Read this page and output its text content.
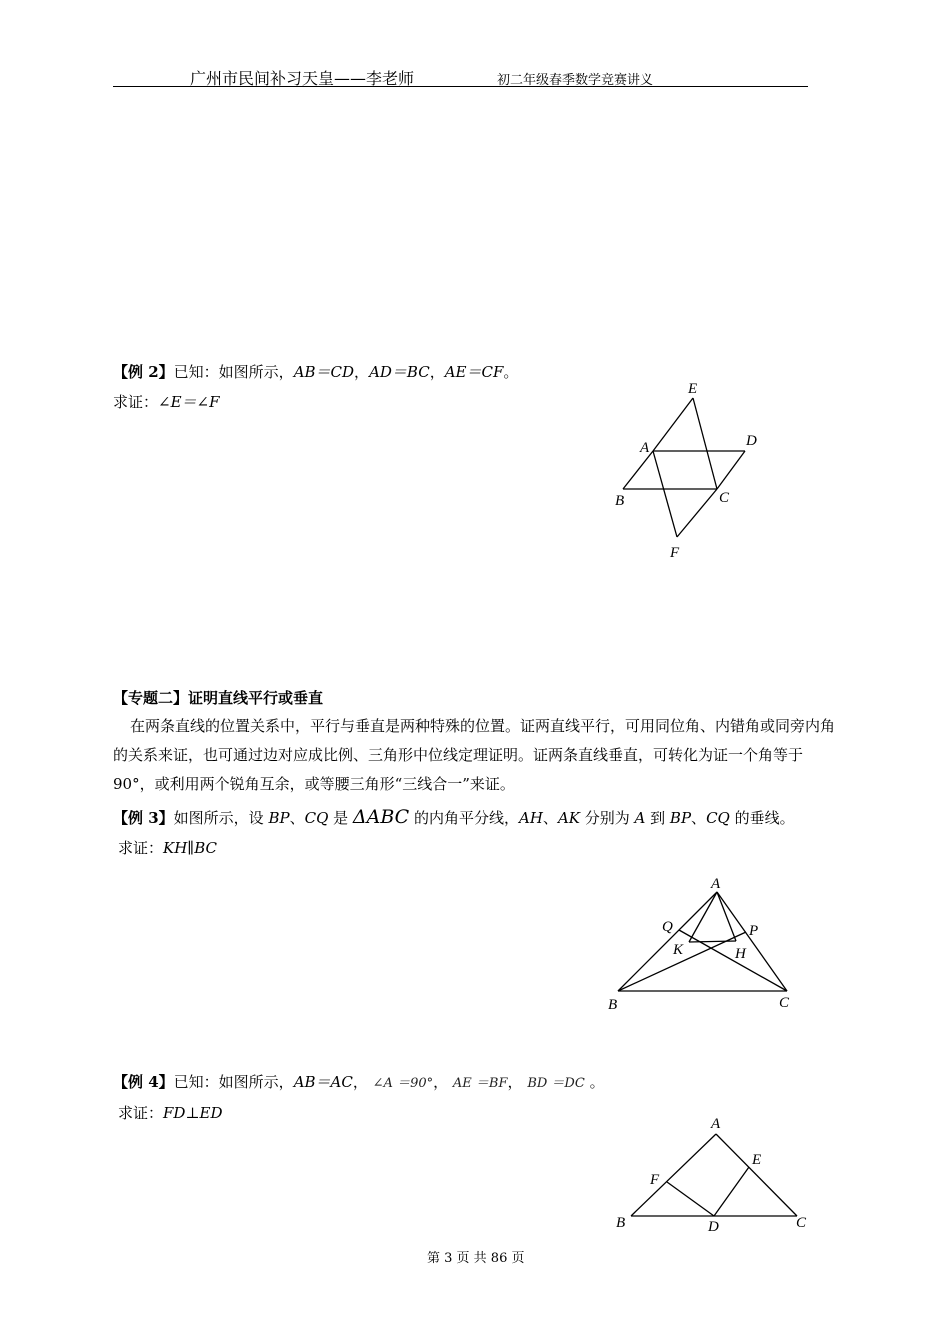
广州市民间补习天皇——李老师	初二年级春季数学竞赛讲义
【例 2】已知：如图所示，AB＝CD，AD＝BC，AE＝CF。
求证：∠E＝∠F
E
A	D
B	C
F
【专题二】证明直线平行或垂直
在两条直线的位置关系中，平行与垂直是两种特殊的位置。证两直线平行，可用同位角、内错角或同旁内角的关系来证，也可通过边对应成比例、三角形中位线定理证明。证两条直线垂直，可转化为证一个角等于 90°，或利用两个锐角互余，或等腰三角形“三线合一”来证。
【例 3】如图所示，设 BP、CQ 是 ΔABC 的内角平分线，AH、AK 分别为 A 到 BP、CQ 的垂线。
求证：KH∥BC
A
Q	P
K	H
B	C
【例 4】已知：如图所示，AB＝AC， ∠A ＝90°， AE ＝BF， BD ＝DC 。
求证：FD⊥ED
A
E
F
B	D	C
第 3 页 共 86 页
